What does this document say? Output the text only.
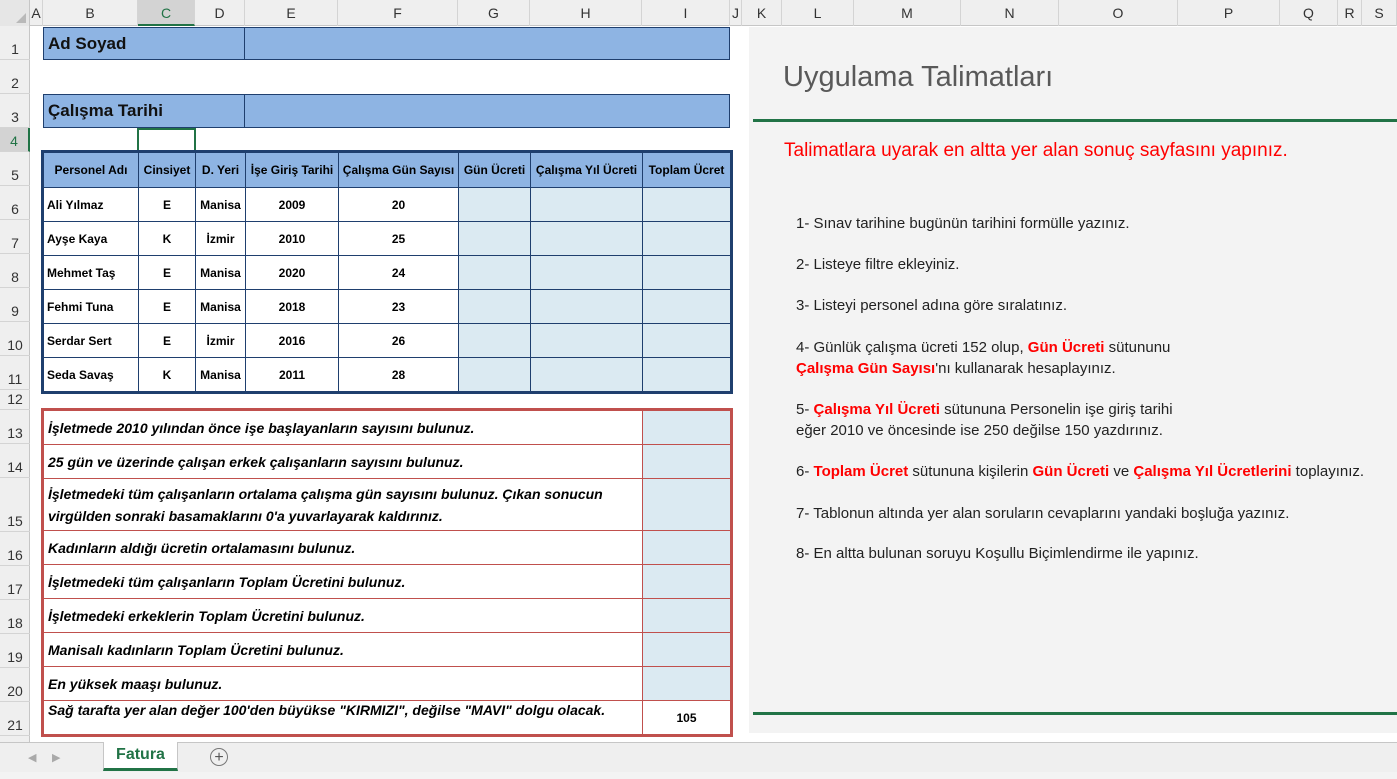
A	B	C	D	E	F	G	H	I	J	K	L	M	N	O	P	Q	R	S
1
2
3
4
5
6
7
8
9
10
11
12
13
14
15
16
17
18
19
20
21
Ad Soyad
Çalışma Tarihi
Personel Adı	Cinsiyet	D. Yeri	İşe Giriş Tarihi	Çalışma Gün Sayısı	Gün Ücreti	Çalışma Yıl Ücreti	Toplam Ücret
Ali Yılmaz	E	Manisa	2009	20			
Ayşe Kaya	K	İzmir	2010	25			
Mehmet Taş	E	Manisa	2020	24			
Fehmi Tuna	E	Manisa	2018	23			
Serdar Sert	E	İzmir	2016	26			
Seda Savaş	K	Manisa	2011	28			
İşletmede 2010 yılından önce işe başlayanların sayısını bulunuz.	
25 gün ve üzerinde çalışan erkek çalışanların sayısını bulunuz.	
İşletmedeki tüm çalışanların ortalama çalışma gün sayısını bulunuz. Çıkan sonucun virgülden sonraki basamaklarını 0'a yuvarlayarak kaldırınız.	
Kadınların aldığı ücretin ortalamasını bulunuz.	
İşletmedeki tüm çalışanların Toplam Ücretini bulunuz.	
İşletmedeki erkeklerin Toplam Ücretini bulunuz.	
Manisalı kadınların Toplam Ücretini bulunuz.	
En yüksek maaşı bulunuz.	
Sağ tarafta yer alan değer 100'den büyükse "KIRMIZI", değilse "MAVI" dolgu olacak.	105
Uygulama Talimatları
Talimatlara uyarak en altta yer alan sonuç sayfasını yapınız.
1- Sınav tarihine bugünün tarihini formülle yazınız.
2- Listeye filtre ekleyiniz.
3- Listeyi personel adına göre sıralatınız.
4- Günlük çalışma ücreti 152 olup, Gün Ücreti sütununu
Çalışma Gün Sayısı'nı kullanarak hesaplayınız.
5- Çalışma Yıl Ücreti sütununa Personelin işe giriş tarihi
eğer 2010 ve öncesinde ise 250 değilse 150 yazdırınız.
6- Toplam Ücret sütununa kişilerin Gün Ücreti ve Çalışma Yıl Ücretlerini toplayınız.
7- Tablonun altında yer alan soruların cevaplarını yandaki boşluğa yazınız.
8- En altta bulunan soruyu Koşullu Biçimlendirme ile yapınız.
◀ ▶	Fatura	+
